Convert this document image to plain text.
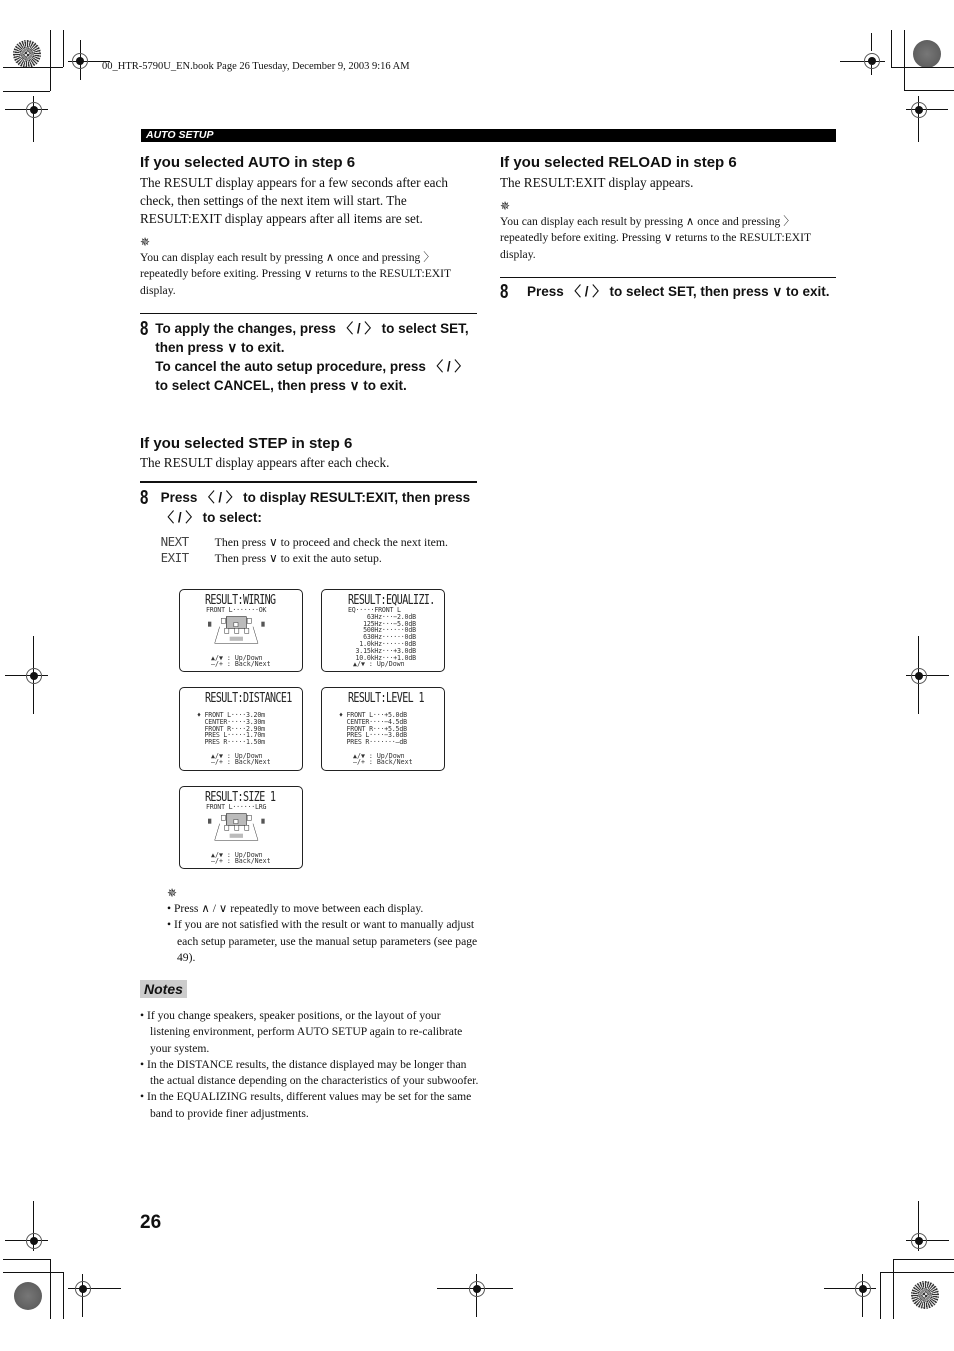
00_HTR-5790U_EN.book Page 26 Tuesday, December 9, 2003 9:16 AM
AUTO SETUP
If you selected AUTO in step 6
The RESULT display appears for a few seconds after each check, then settings of the next item will start. The RESULT:EXIT display appears after all items are set.
✵
You can display each result by pressing ∧ once and pressing 〉 repeatedly before exiting. Pressing ∨ returns to the RESULT:EXIT display.
8 To apply the changes, press 〈 / 〉 to select SET, then press ∨ to exit.
To cancel the auto setup procedure, press 〈 / 〉 to select CANCEL, then press ∨ to exit.
If you selected STEP in step 6
The RESULT display appears after each check.
8 Press 〈 / 〉 to display RESULT:EXIT, then press 〈 / 〉 to select:
NEXT Then press ∨ to proceed and check the next item.
EXIT Then press ∨ to exit the auto setup.
RESULT:WIRING
FRONT L·······OK
▲/▼ : Up/Down
–/+ : Back/Next
RESULT:EQUALIZI.
EQ·····FRONT L
63Hz···−2.0dB
125Hz···−5.0dB
500Hz······0dB
630Hz······0dB
1.0kHz······0dB
3.15kHz···+3.0dB
10.0kHz···+1.0dB
▲/▼ : Up/Down
RESULT:DISTANCE1
♦ FRONT L····3.20m
CENTER·····3.30m
FRONT R····2.90m
PRES L·····1.70m
PRES R·····1.50m
▲/▼ : Up/Down
–/+ : Back/Next
RESULT:LEVEL 1
♦ FRONT L···+5.0dB
CENTER····−4.5dB
FRONT R···+5.5dB
PRES L····−3.0dB
PRES R·······–dB
▲/▼ : Up/Down
–/+ : Back/Next
RESULT:SIZE 1
FRONT L······LRG
▲/▼ : Up/Down
–/+ : Back/Next
✵
• Press ∧ / ∨ repeatedly to move between each display.
• If you are not satisfied with the result or want to manually adjust each setup parameter, use the manual setup parameters (see page 49).
Notes
• If you change speakers, speaker positions, or the layout of your listening environment, perform AUTO SETUP again to re-calibrate your system.
• In the DISTANCE results, the distance displayed may be longer than the actual distance depending on the characteristics of your subwoofer.
• In the EQUALIZING results, different values may be set for the same band to provide finer adjustments.
If you selected RELOAD in step 6
The RESULT:EXIT display appears.
✵
You can display each result by pressing ∧ once and pressing 〉 repeatedly before exiting. Pressing ∨ returns to the RESULT:EXIT display.
8	Press 〈 / 〉 to select SET, then press ∨ to exit.
26
